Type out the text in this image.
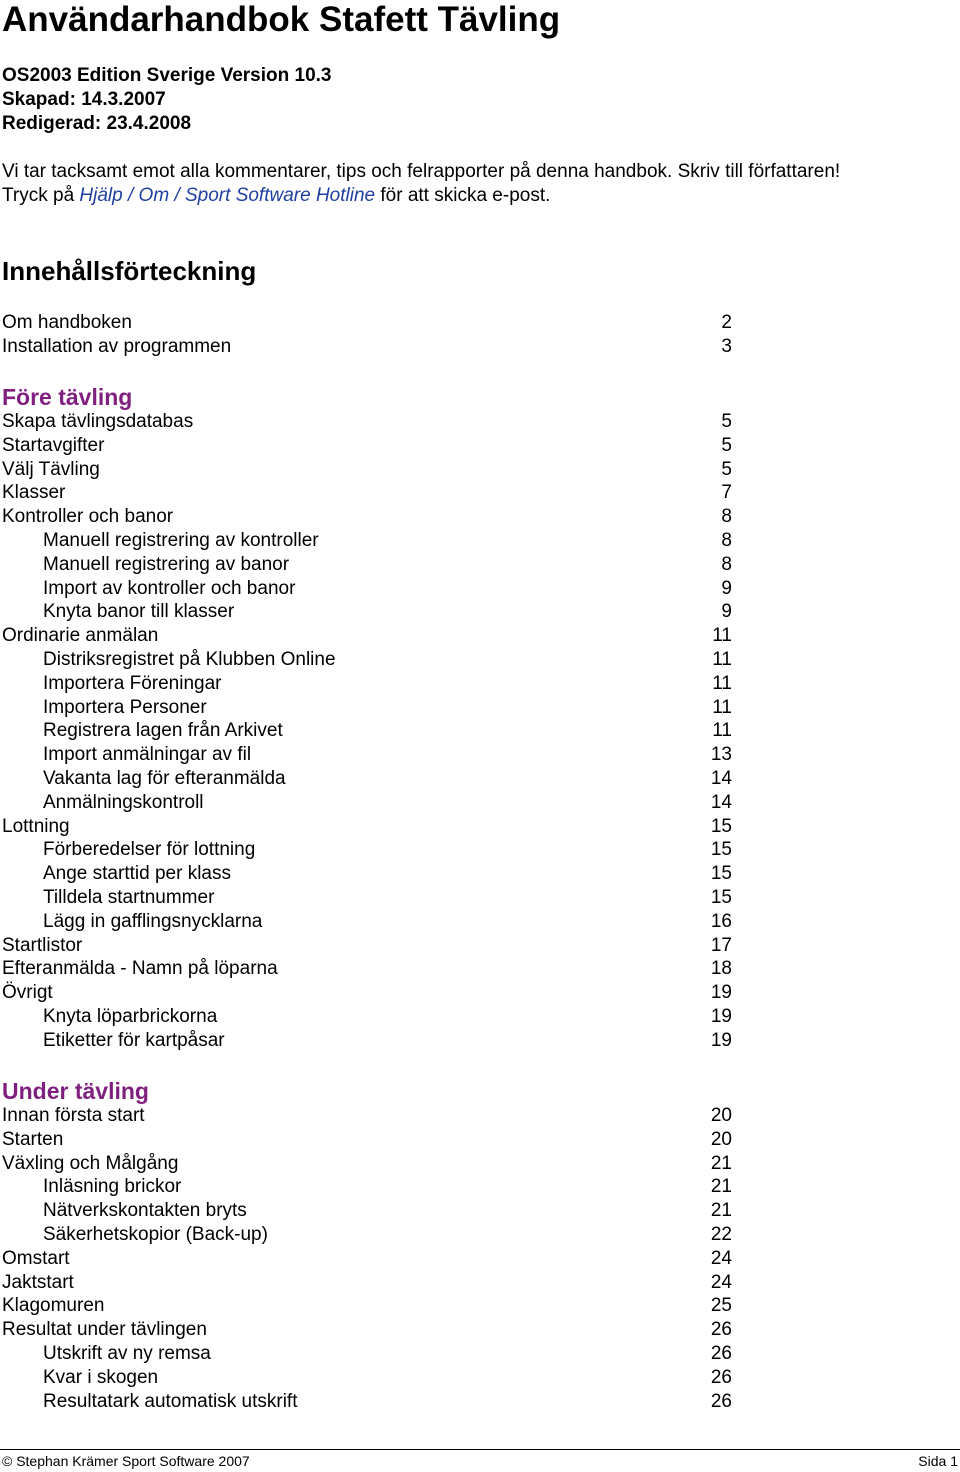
Användarhandbok Stafett Tävling
OS2003 Edition Sverige Version 10.3
Skapad: 14.3.2007
Redigerad: 23.4.2008
Vi tar tacksamt emot alla kommentarer, tips och felrapporter på denna handbok. Skriv till författaren!
Tryck på Hjälp / Om / Sport Software Hotline för att skicka e-post.
Innehållsförteckning
Om handboken	2
Installation av programmen	3
Före tävling
Skapa tävlingsdatabas	5
Startavgifter	5
Välj Tävling	5
Klasser	7
Kontroller och banor	8
Manuell registrering av kontroller	8
Manuell registrering av banor	8
Import av kontroller och banor	9
Knyta banor till klasser	9
Ordinarie anmälan	11
Distriksregistret på Klubben Online	11
Importera Föreningar	11
Importera Personer	11
Registrera lagen från Arkivet	11
Import anmälningar av fil	13
Vakanta lag för efteranmälda	14
Anmälningskontroll	14
Lottning	15
Förberedelser för lottning	15
Ange starttid per klass	15
Tilldela startnummer	15
Lägg in gafflingsnycklarna	16
Startlistor	17
Efteranmälda - Namn på löparna	18
Övrigt	19
Knyta löparbrickorna	19
Etiketter för kartpåsar	19
Under tävling
Innan första start	20
Starten	20
Växling och Målgång	21
Inläsning brickor	21
Nätverkskontakten bryts	21
Säkerhetskopior (Back-up)	22
Omstart	24
Jaktstart	24
Klagomuren	25
Resultat under tävlingen	26
Utskrift av ny remsa	26
Kvar i skogen	26
Resultatark automatisk utskrift	26
© Stephan Krämer Sport Software 2007	Sida 1
